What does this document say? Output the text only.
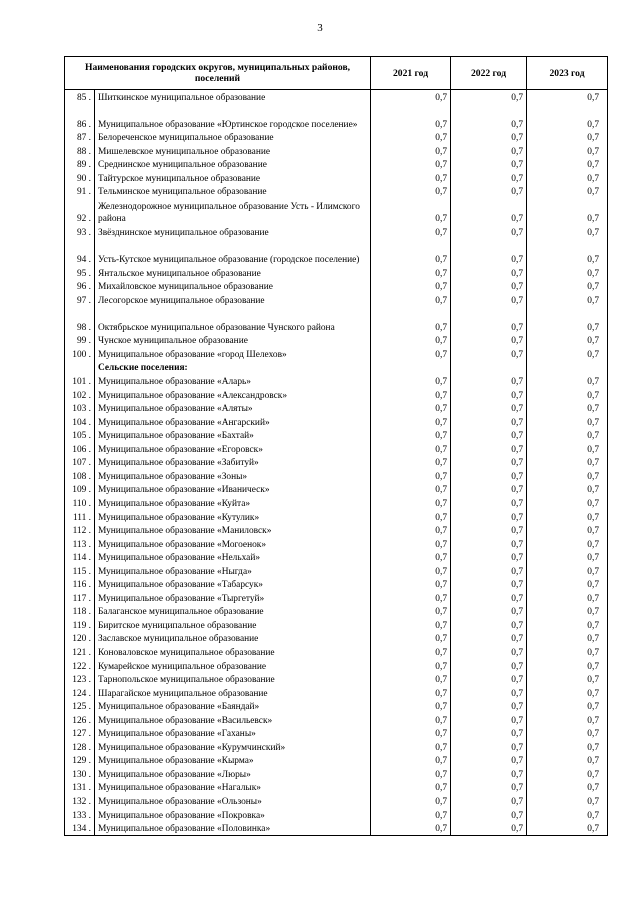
3
Наименования городских округов, муниципальных районов, поселений		2021 год	2022 год	2023 год
85 .	Шиткинское муниципальное образование	0,7	0,7	0,7
86 .	Муниципальное образование «Юртинское городское поселение»	0,7	0,7	0,7
87 .	Белореченское муниципальное образование	0,7	0,7	0,7
88 .	Мишелевское муниципальное образование	0,7	0,7	0,7
89 .	Среднинское муниципальное образование	0,7	0,7	0,7
90 .	Тайтурское муниципальное образование	0,7	0,7	0,7
91 .	Тельминское муниципальное образование	0,7	0,7	0,7
92 .	Железнодорожное муниципальное образование Усть - Илимского района	0,7	0,7	0,7
93 .	Звёзднинское муниципальное образование	0,7	0,7	0,7
94 .	Усть-Кутское муниципальное образование (городское поселение)	0,7	0,7	0,7
95 .	Янтальское муниципальное образование	0,7	0,7	0,7
96 .	Михайловское муниципальное образование	0,7	0,7	0,7
97 .	Лесогорское муниципальное образование	0,7	0,7	0,7
98 .	Октябрьское муниципальное образование Чунского района	0,7	0,7	0,7
99 .	Чунское муниципальное образование	0,7	0,7	0,7
100 .	Муниципальное образование «город Шелехов»	0,7	0,7	0,7
	Сельские поселения:			
101 .	Муниципальное образование «Аларь»	0,7	0,7	0,7
102 .	Муниципальное образование «Александровск»	0,7	0,7	0,7
103 .	Муниципальное образование «Аляты»	0,7	0,7	0,7
104 .	Муниципальное образование «Ангарский»	0,7	0,7	0,7
105 .	Муниципальное образование «Бахтай»	0,7	0,7	0,7
106 .	Муниципальное образование «Егоровск»	0,7	0,7	0,7
107 .	Муниципальное образование «Забитуй»	0,7	0,7	0,7
108 .	Муниципальное образование «Зоны»	0,7	0,7	0,7
109 .	Муниципальное образование «Иваническ»	0,7	0,7	0,7
110 .	Муниципальное образование «Куйта»	0,7	0,7	0,7
111 .	Муниципальное образование «Кутулик»	0,7	0,7	0,7
112 .	Муниципальное образование «Маниловск»	0,7	0,7	0,7
113 .	Муниципальное образование «Могоенок»	0,7	0,7	0,7
114 .	Муниципальное образование «Нельхай»	0,7	0,7	0,7
115 .	Муниципальное образование «Ныгда»	0,7	0,7	0,7
116 .	Муниципальное образование «Табарсук»	0,7	0,7	0,7
117 .	Муниципальное образование «Тыргетуй»	0,7	0,7	0,7
118 .	Балаганское муниципальное образование	0,7	0,7	0,7
119 .	Биритское муниципальное образование	0,7	0,7	0,7
120 .	Заславское муниципальное образование	0,7	0,7	0,7
121 .	Коноваловское муниципальное образование	0,7	0,7	0,7
122 .	Кумарейское муниципальное образование	0,7	0,7	0,7
123 .	Тарнопольское муниципальное образование	0,7	0,7	0,7
124 .	Шарагайское муниципальное образование	0,7	0,7	0,7
125 .	Муниципальное образование «Баяндай»	0,7	0,7	0,7
126 .	Муниципальное образование «Васильевск»	0,7	0,7	0,7
127 .	Муниципальное образование «Гаханы»	0,7	0,7	0,7
128 .	Муниципальное образование «Курумчинский»	0,7	0,7	0,7
129 .	Муниципальное образование «Кырма»	0,7	0,7	0,7
130 .	Муниципальное образование «Люры»	0,7	0,7	0,7
131 .	Муниципальное образование «Нагалык»	0,7	0,7	0,7
132 .	Муниципальное образование «Ользоны»	0,7	0,7	0,7
133 .	Муниципальное образование «Покровка»	0,7	0,7	0,7
134 .	Муниципальное образование «Половинка»	0,7	0,7	0,7
